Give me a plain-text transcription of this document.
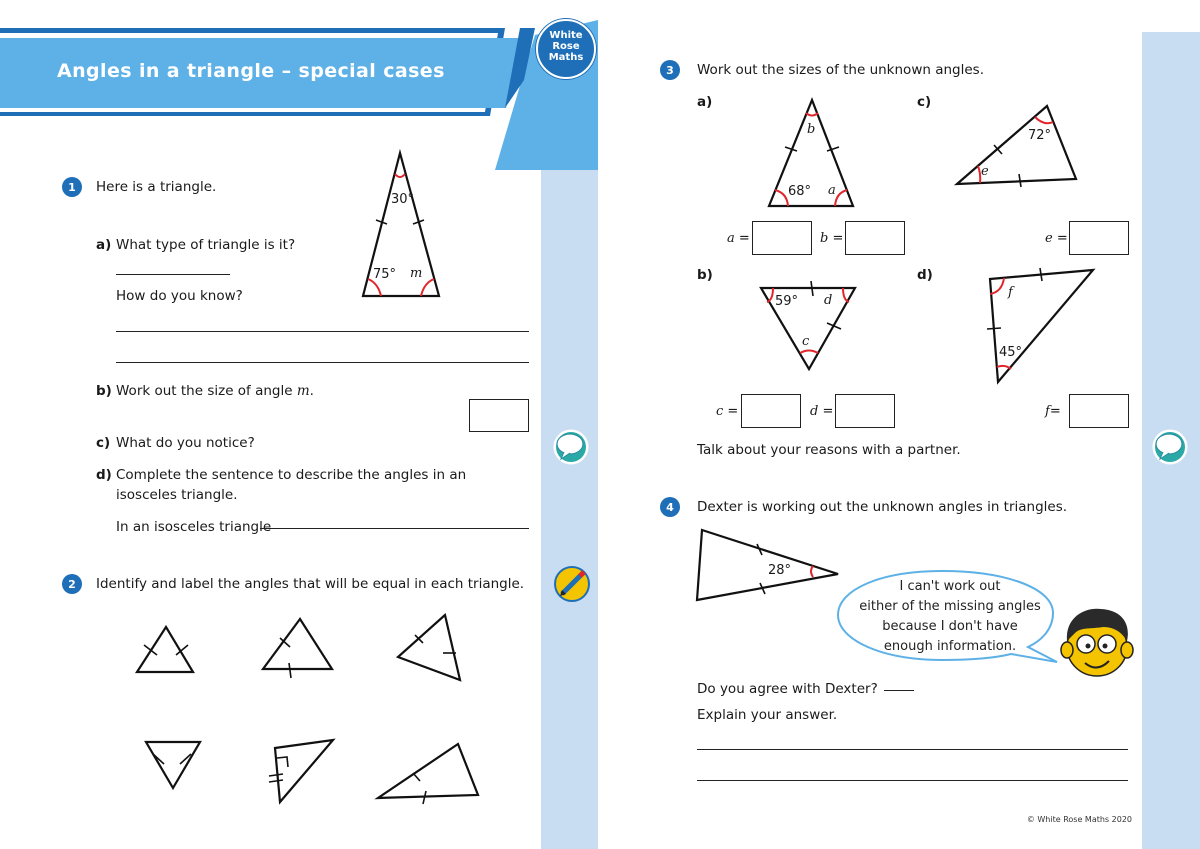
Angles in a triangle – special cases
White
Rose
Maths
1	Here is a triangle.
30°
75° m
a) What type of triangle is it?
How do you know?
b) Work out the size of angle m.
c) What do you notice?
d) Complete the sentence to describe the angles in an
isosceles triangle.
In an isosceles triangle
2	Identify and label the angles that will be equal in each triangle.
3	Work out the sizes of the unknown angles.
a)	c)
b)	d)
b
68° a
72°
e
a =	b =	e =
59° d
c
f
45°
c =	d =	f=
Talk about your reasons with a partner.
4	Dexter is working out the unknown angles in triangles.
28°
I can't work out
either of the missing angles
because I don't have
enough information.
Do you agree with Dexter?
Explain your answer.
© White Rose Maths 2020
